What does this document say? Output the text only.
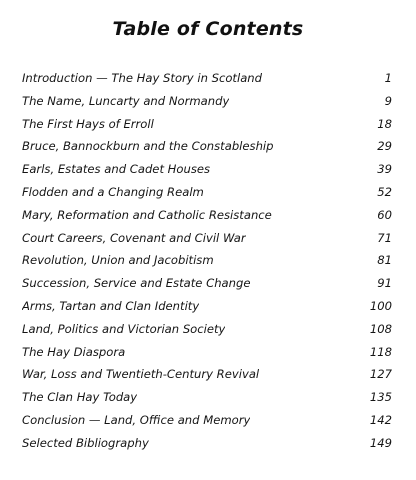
Table of Contents
Introduction — The Hay Story in Scotland	1
The Name, Luncarty and Normandy	9
The First Hays of Erroll	18
Bruce, Bannockburn and the Constableship	29
Earls, Estates and Cadet Houses	39
Flodden and a Changing Realm	52
Mary, Reformation and Catholic Resistance	60
Court Careers, Covenant and Civil War	71
Revolution, Union and Jacobitism	81
Succession, Service and Estate Change	91
Arms, Tartan and Clan Identity	100
Land, Politics and Victorian Society	108
The Hay Diaspora	118
War, Loss and Twentieth-Century Revival	127
The Clan Hay Today	135
Conclusion — Land, Office and Memory	142
Selected Bibliography	149
